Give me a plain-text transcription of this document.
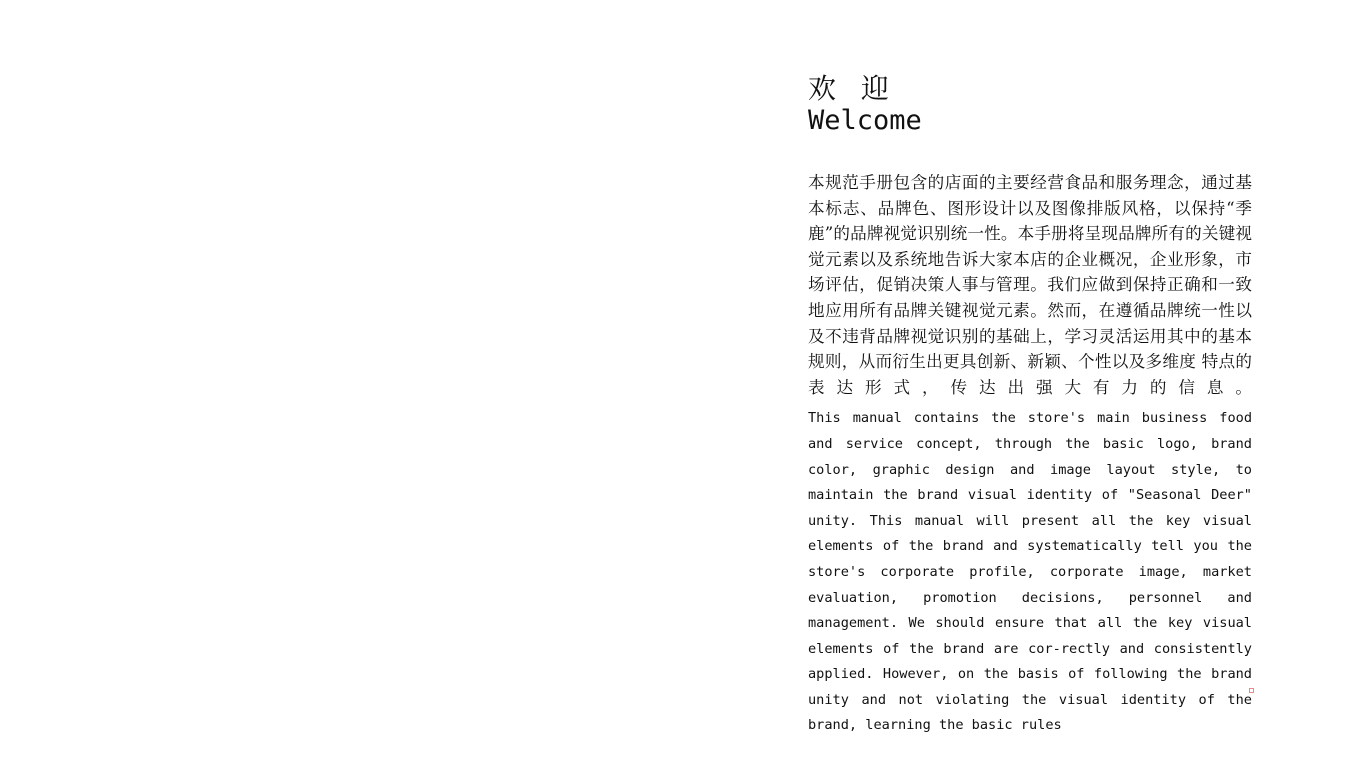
欢 迎
Welcome
本规范手册包含的店面的主要经营食品和服务理念，通过基本标志、品牌色、图形设计以及图像排版风格，以保持“季鹿”的品牌视觉识别统一性。本手册将呈现品牌所有的关键视觉元素以及系统地告诉大家本店的企业概况，企业形象，市场评估，促销决策人事与管理。我们应做到保持正确和一致地应用所有品牌关键视觉元素。然而，在遵循品牌统一性以及不违背品牌视觉识别的基础上，学习灵活运用其中的基本规则，从而衍生出更具创新、新颖、个性以及多维度 特点的表达形式，传达出强大有力的信息。
This manual contains the store's main business food and service concept, through the basic logo, brand color, graphic design and image layout style, to maintain the brand visual identity of "Seasonal Deer" unity. This manual will present all the key visual elements of the brand and systematically tell you the store's corporate profile, corporate image, market evaluation, promotion decisions, personnel and management. We should ensure that all the key visual elements of the brand are cor-rectly and consistently applied. However, on the basis of following the brand unity and not violating the visual identity of the brand, learning the basic rules
